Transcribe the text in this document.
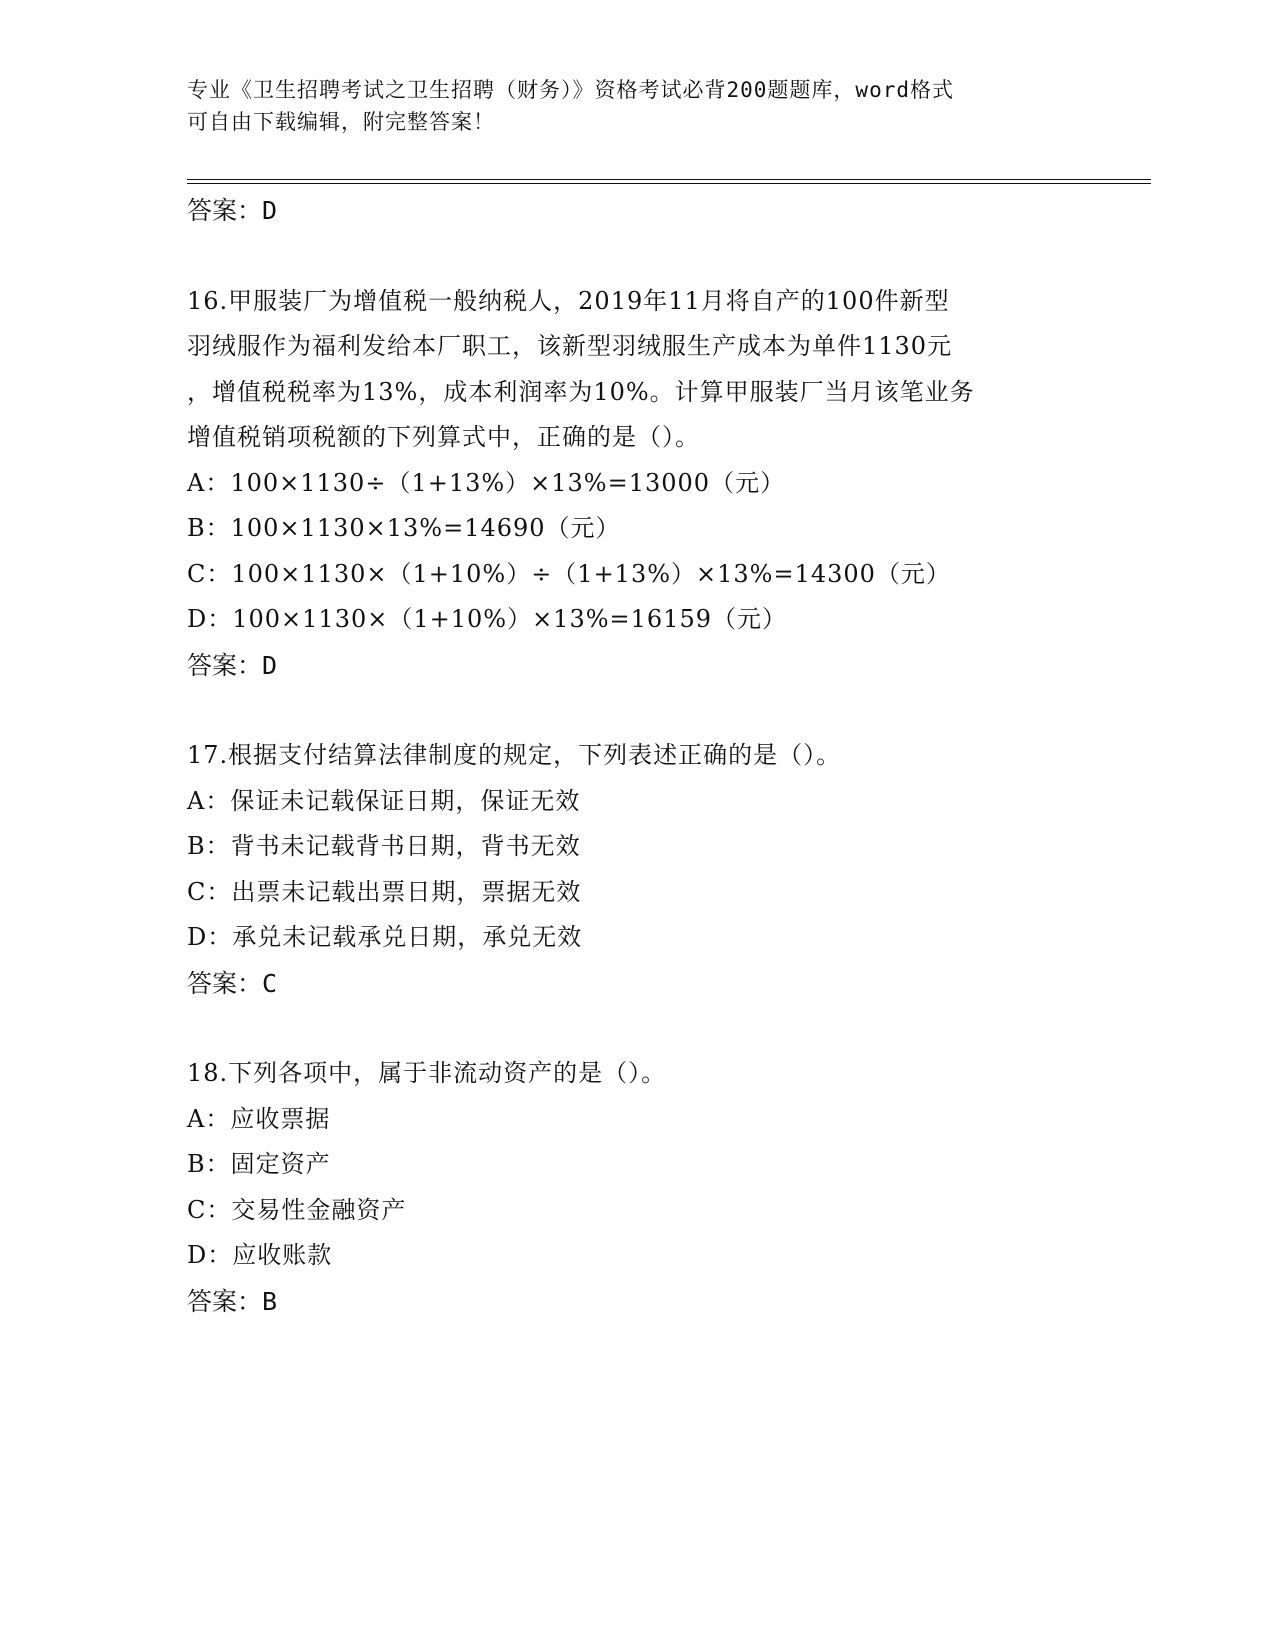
专业《卫生招聘考试之卫生招聘（财务）》资格考试必背200题题库，word格式
可自由下载编辑，附完整答案！
答案：D
16.甲服装厂为增值税一般纳税人，2019年11月将自产的100件新型
羽绒服作为福利发给本厂职工，该新型羽绒服生产成本为单件1130元
，增值税税率为13%，成本利润率为10%。计算甲服装厂当月该笔业务
增值税销项税额的下列算式中，正确的是（）。
A：100×1130÷（1+13%）×13%=13000（元）
B：100×1130×13%=14690（元）
C：100×1130×（1+10%）÷（1+13%）×13%=14300（元）
D：100×1130×（1+10%）×13%=16159（元）
答案：D
17.根据支付结算法律制度的规定，下列表述正确的是（）。
A：保证未记载保证日期，保证无效
B：背书未记载背书日期，背书无效
C：出票未记载出票日期，票据无效
D：承兑未记载承兑日期，承兑无效
答案：C
18.下列各项中，属于非流动资产的是（）。
A：应收票据
B：固定资产
C：交易性金融资产
D：应收账款
答案：B
